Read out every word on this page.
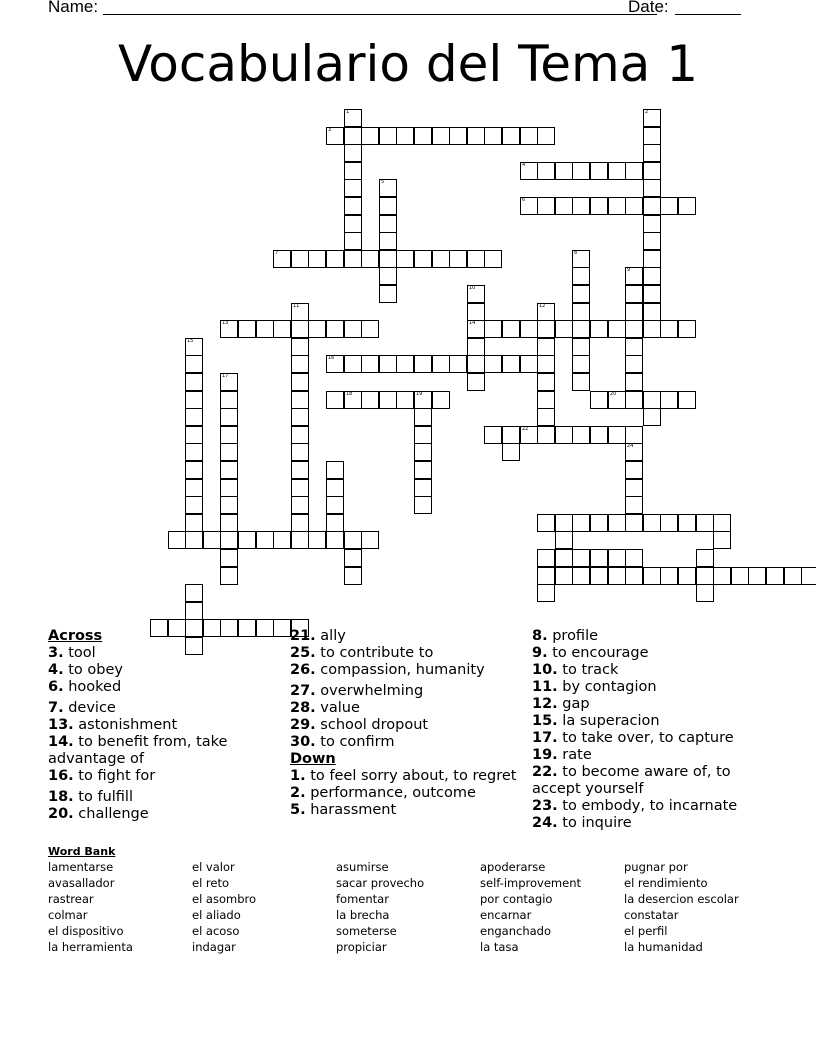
Name:	Date:
Vocabulario del Tema 1
1	2
3
4
5
6
7	8
9
10
11	12
13	14
15
16
17
18	19	20
22
24
Across
3. tool
4. to obey
6. hooked
7. device
13. astonishment
14. to benefit from, take advantage of
16. to fight for
18. to fulfill
20. challenge
21. ally
25. to contribute to
26. compassion, humanity
27. overwhelming
28. value
29. school dropout
30. to confirm
Down
1. to feel sorry about, to regret
2. performance, outcome
5. harassment
8. profile
9. to encourage
10. to track
11. by contagion
12. gap
15. la superacion
17. to take over, to capture
19. rate
22. to become aware of, to accept yourself
23. to embody, to incarnate
24. to inquire
Word Bank
lamentarse	el valor	asumirse	apoderarse	pugnar por
avasallador	el reto	sacar provecho	self-improvement	el rendimiento
rastrear	el asombro	fomentar	por contagio	la desercion escolar
colmar	el aliado	la brecha	encarnar	constatar
el dispositivo	el acoso	someterse	enganchado	el perfil
la herramienta	indagar	propiciar	la tasa	la humanidad
